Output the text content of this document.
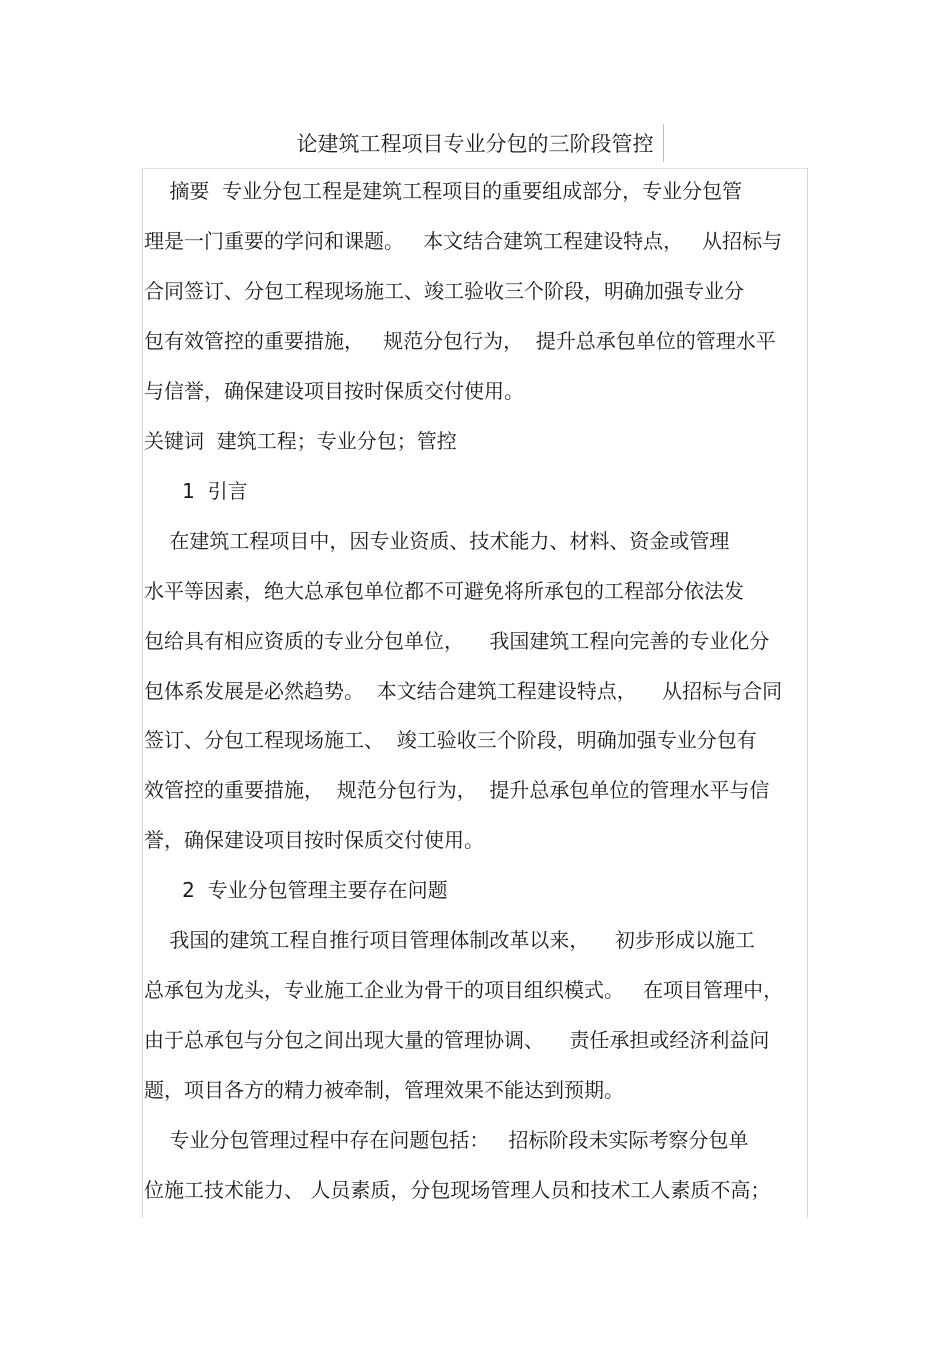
论建筑工程项目专业分包的三阶段管控
摘要  专业分包工程是建筑工程项目的重要组成部分，专业分包管
理是一门重要的学问和课题。   本文结合建筑工程建设特点，   从招标与
合同签订、分包工程现场施工、竣工验收三个阶段，明确加强专业分
包有效管控的重要措施，   规范分包行为，  提升总承包单位的管理水平
与信誉，确保建设项目按时保质交付使用。
关键词  建筑工程；专业分包；管控
1  引言
在建筑工程项目中，因专业资质、技术能力、材料、资金或管理
水平等因素，绝大总承包单位都不可避免将所承包的工程部分依法发
包给具有相应资质的专业分包单位，    我国建筑工程向完善的专业化分
包体系发展是必然趋势。  本文结合建筑工程建设特点，    从招标与合同
签订、分包工程现场施工、  竣工验收三个阶段，明确加强专业分包有
效管控的重要措施，  规范分包行为，  提升总承包单位的管理水平与信
誉，确保建设项目按时保质交付使用。
2  专业分包管理主要存在问题
我国的建筑工程自推行项目管理体制改革以来，    初步形成以施工
总承包为龙头，专业施工企业为骨干的项目组织模式。   在项目管理中，
由于总承包与分包之间出现大量的管理协调、    责任承担或经济利益问
题，项目各方的精力被牵制，管理效果不能达到预期。
专业分包管理过程中存在问题包括：   招标阶段未实际考察分包单
位施工技术能力、 人员素质，分包现场管理人员和技术工人素质不高；
